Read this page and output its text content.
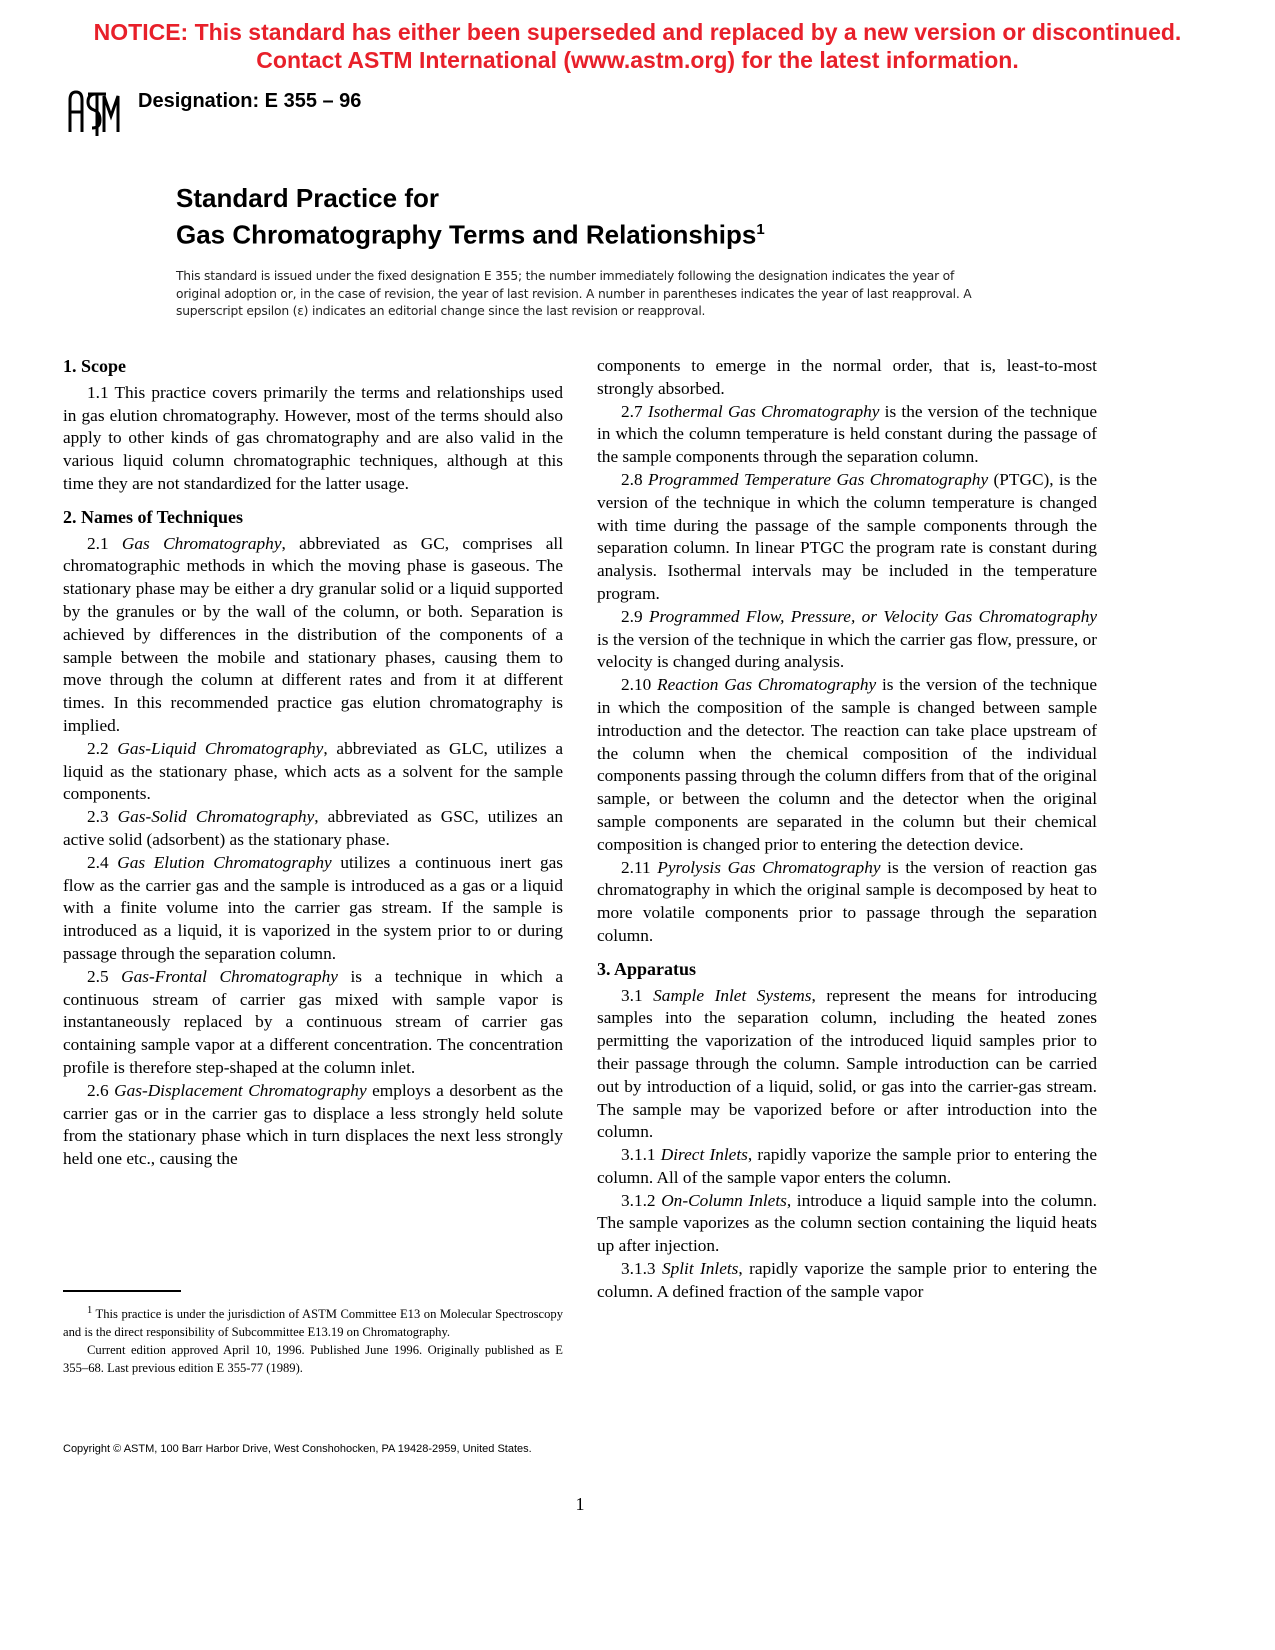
NOTICE: This standard has either been superseded and replaced by a new version or discontinued.
Contact ASTM International (www.astm.org) for the latest information.
Designation: E 355 – 96
Standard Practice for
Gas Chromatography Terms and Relationships$^1$
This standard is issued under the fixed designation E 355; the number immediately following the designation indicates the year of original adoption or, in the case of revision, the year of last revision. A number in parentheses indicates the year of last reapproval. A superscript epsilon (ε) indicates an editorial change since the last revision or reapproval.
1. Scope

1.1 This practice covers primarily the terms and relationships used in gas elution chromatography. However, most of the terms should also apply to other kinds of gas chromatography and are also valid in the various liquid column chromatographic techniques, although at this time they are not standardized for the latter usage.

2. Names of Techniques

2.1 Gas Chromatography, abbreviated as GC, comprises all chromatographic methods in which the moving phase is gaseous. The stationary phase may be either a dry granular solid or a liquid supported by the granules or by the wall of the column, or both. Separation is achieved by differences in the distribution of the components of a sample between the mobile and stationary phases, causing them to move through the column at different rates and from it at different times. In this recommended practice gas elution chromatography is implied.

2.2 Gas-Liquid Chromatography, abbreviated as GLC, utilizes a liquid as the stationary phase, which acts as a solvent for the sample components.

2.3 Gas-Solid Chromatography, abbreviated as GSC, utilizes an active solid (adsorbent) as the stationary phase.

2.4 Gas Elution Chromatography utilizes a continuous inert gas flow as the carrier gas and the sample is introduced as a gas or a liquid with a finite volume into the carrier gas stream. If the sample is introduced as a liquid, it is vaporized in the system prior to or during passage through the separation column.

2.5 Gas-Frontal Chromatography is a technique in which a continuous stream of carrier gas mixed with sample vapor is instantaneously replaced by a continuous stream of carrier gas containing sample vapor at a different concentration. The concentration profile is therefore step-shaped at the column inlet.

2.6 Gas-Displacement Chromatography employs a desorbent as the carrier gas or in the carrier gas to displace a less strongly held solute from the stationary phase which in turn displaces the next less strongly held one etc., causing the

components to emerge in the normal order, that is, least-to-most strongly absorbed.

2.7 Isothermal Gas Chromatography is the version of the technique in which the column temperature is held constant during the passage of the sample components through the separation column.

2.8 Programmed Temperature Gas Chromatography (PTGC), is the version of the technique in which the column temperature is changed with time during the passage of the sample components through the separation column. In linear PTGC the program rate is constant during analysis. Isothermal intervals may be included in the temperature program.

2.9 Programmed Flow, Pressure, or Velocity Gas Chromatography is the version of the technique in which the carrier gas flow, pressure, or velocity is changed during analysis.

2.10 Reaction Gas Chromatography is the version of the technique in which the composition of the sample is changed between sample introduction and the detector. The reaction can take place upstream of the column when the chemical composition of the individual components passing through the column differs from that of the original sample, or between the column and the detector when the original sample components are separated in the column but their chemical composition is changed prior to entering the detection device.

2.11 Pyrolysis Gas Chromatography is the version of reaction gas chromatography in which the original sample is decomposed by heat to more volatile components prior to passage through the separation column.

3. Apparatus

3.1 Sample Inlet Systems, represent the means for introducing samples into the separation column, including the heated zones permitting the vaporization of the introduced liquid samples prior to their passage through the column. Sample introduction can be carried out by introduction of a liquid, solid, or gas into the carrier-gas stream. The sample may be vaporized before or after introduction into the column.

3.1.1 Direct Inlets, rapidly vaporize the sample prior to entering the column. All of the sample vapor enters the column.

3.1.2 On-Column Inlets, introduce a liquid sample into the column. The sample vaporizes as the column section containing the liquid heats up after injection.

3.1.3 Split Inlets, rapidly vaporize the sample prior to entering the column. A defined fraction of the sample vapor

$^1$ This practice is under the jurisdiction of ASTM Committee E13 on Molecular Spectroscopy and is the direct responsibility of Subcommittee E13.19 on Chromatography.

Current edition approved April 10, 1996. Published June 1996. Originally published as E 355–68. Last previous edition E 355-77 (1989).

Copyright © ASTM, 100 Barr Harbor Drive, West Conshohocken, PA 19428-2959, United States.
1
